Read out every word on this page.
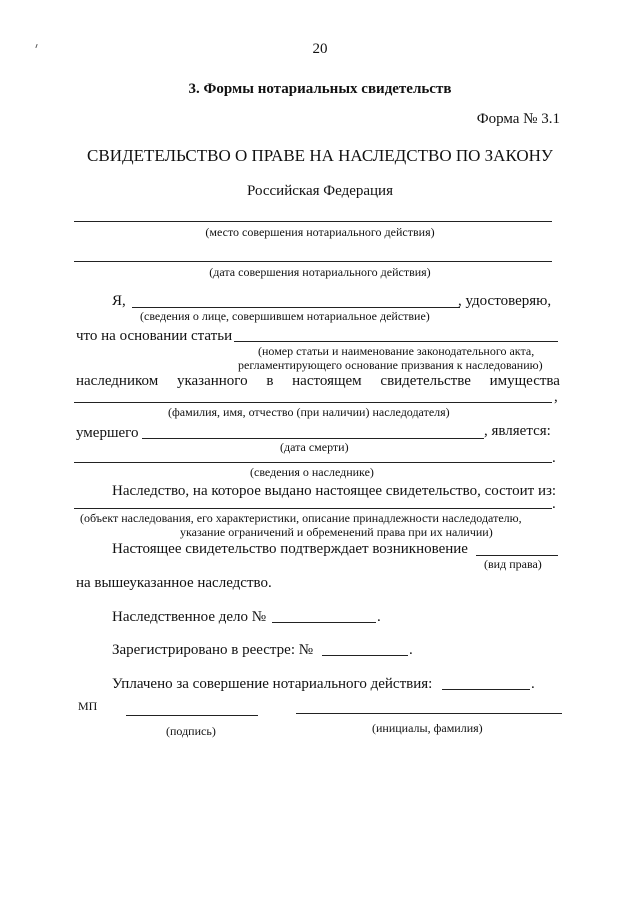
20
3. Формы нотариальных свидетельств
Форма № 3.1
СВИДЕТЕЛЬСТВО О ПРАВЕ НА НАСЛЕДСТВО ПО ЗАКОНУ
Российская Федерация
(место совершения нотариального действия)
(дата совершения нотариального действия)
Я,	, удостоверяю,
(сведения о лице, совершившем нотариальное действие)
что на основании статьи
(номер статьи и наименование законодательного акта,
регламентирующего основание призвания к наследованию)
наследником указанного в настоящем свидетельстве имущества
,
(фамилия, имя, отчество (при наличии) наследодателя)
умершего	, является:
(дата смерти)
.
(сведения о наследнике)
Наследство, на которое выдано настоящее свидетельство, состоит из:
.
(объект наследования, его характеристики, описание принадлежности наследодателю,
указание ограничений и обременений права при их наличии)
Настоящее свидетельство подтверждает возникновение
(вид права)
на вышеуказанное наследство.
Наследственное дело №	.
Зарегистрировано в реестре: №	.
Уплачено за совершение нотариального действия:	.
МП
(подпись)	(инициалы, фамилия)
